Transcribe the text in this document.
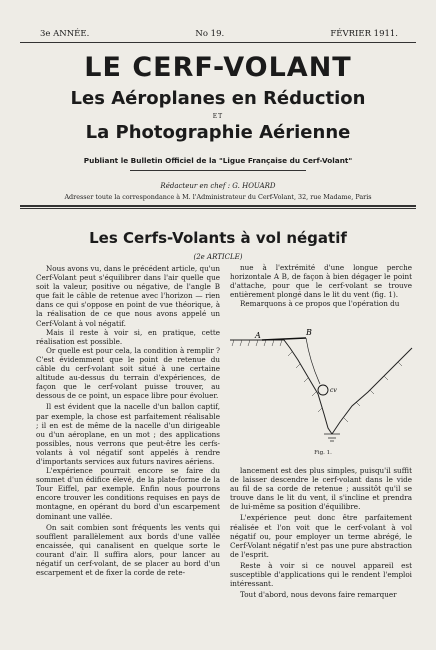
3e ANNÉE.	No 19.	FÉVRIER 1911.
LE CERF-VOLANT
Les Aéroplanes en Réduction
ET
La Photographie Aérienne
Publiant le Bulletin Officiel de la "Ligue Française du Cerf-Volant"
Rédacteur en chef : G. HOUARD
Adresser toute la correspondance à M. l'Administrateur du Cerf-Volant, 32, rue Madame, Paris
Les Cerfs-Volants à vol négatif
(2e ARTICLE)

Nous avons vu, dans le précédent article, qu'un Cerf-Volant peut s'équilibrer dans l'air quelle que soit la valeur, positive ou négative, de l'angle B que fait le câble de retenue avec l'horizon — rien dans ce qui s'oppose en point de vue théorique, à la réalisation de ce que nous avons appelé un Cerf-Volant à vol négatif.

Mais il reste à voir si, en pratique, cette réalisation est possible.

Or quelle est pour cela, la condition à remplir ? C'est évidemment que le point de retenue du câble du cerf-volant soit situé à une certaine altitude au-dessus du terrain d'expériences, de façon que le cerf-volant puisse trouver, au dessous de ce point, un espace libre pour évoluer.

Il est évident que la nacelle d'un ballon captif, par exemple, la chose est parfaitement réalisable ; il en est de même de la nacelle d'un dirigeable ou d'un aéroplane, en un mot ; des applications possibles, nous verrons que peut-être les cerfs-volants à vol négatif sont appelés à rendre d'importants services aux futurs navires aériens.

L'expérience pourrait encore se faire du sommet d'un édifice élevé, de la plate-forme de la Tour Eiffel, par exemple. Enfin nous pourrons encore trouver les conditions requises en pays de montagne, en opérant du bord d'un escarpement dominant une vallée.

On sait combien sont fréquents les vents qui soufflent parallèlement aux bords d'une vallée encaissée, qui canalisent en quelque sorte le courant d'air. Il suffira alors, pour lancer au négatif un cerf-volant, de se placer au bord d'un escarpement et de fixer la corde de rete-

nue à l'extrémité d'une longue perche horizontale A B, de façon à bien dégager le point d'attache, pour que le cerf-volant se trouve entièrement plongé dans le lit du vent (fig. 1).

Remarquons à ce propos que l'opération du

A	B
cv
Fig. 1.

lancement est des plus simples, puisqu'il suffit de laisser descendre le cerf-volant dans le vide au fil de sa corde de retenue ; aussitôt qu'il se trouve dans le lit du vent, il s'incline et prendra de lui-même sa position d'équilibre.

L'expérience peut donc être parfaitement réalisée et l'on voit que le cerf-volant à vol négatif ou, pour employer un terme abrégé, le Cerf-Volant négatif n'est pas une pure abstraction de l'esprit.

Reste à voir si ce nouvel appareil est susceptible d'applications qui le rendent l'emploi intéressant.

Tout d'abord, nous devons faire remarquer
